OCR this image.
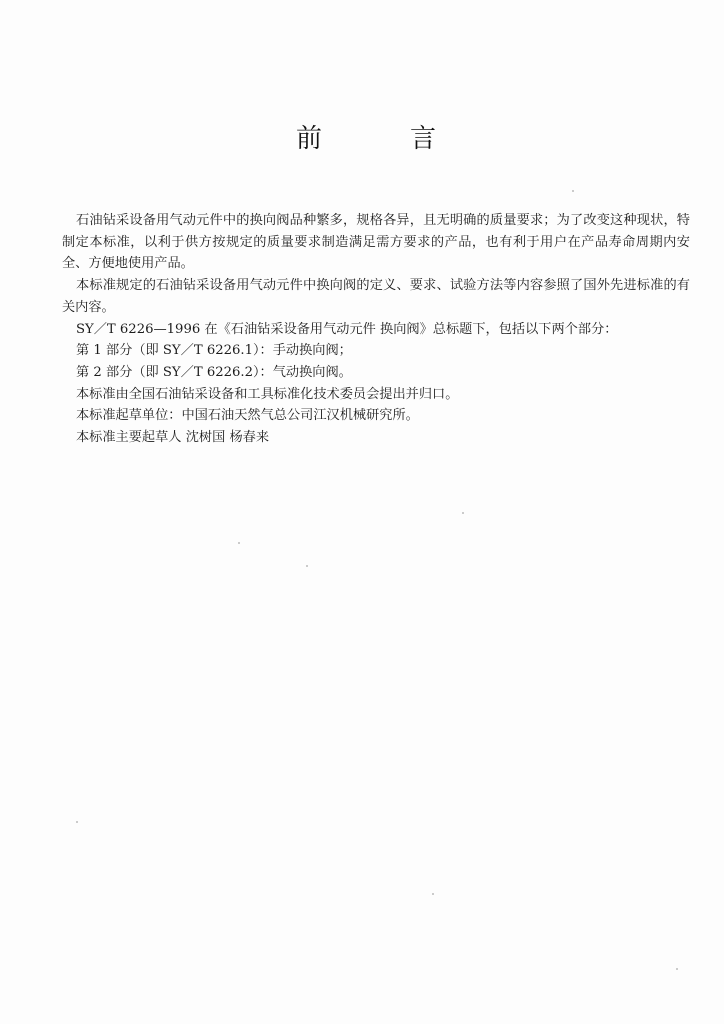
前	言

石油钻采设备用气动元件中的换向阀品种繁多，规格各异，且无明确的质量要求；为了改变这种现状，特制定本标准，以利于供方按规定的质量要求制造满足需方要求的产品，也有利于用户在产品寿命周期内安全、方便地使用产品。

本标准规定的石油钻采设备用气动元件中换向阀的定义、要求、试验方法等内容参照了国外先进标准的有关内容。

SY／T 6226—1996 在《石油钻采设备用气动元件 换向阀》总标题下，包括以下两个部分：

第 1 部分（即 SY／T 6226.1）：手动换向阀；

第 2 部分（即 SY／T 6226.2）：气动换向阀。

本标准由全国石油钻采设备和工具标准化技术委员会提出并归口。

本标准起草单位：中国石油天然气总公司江汉机械研究所。

本标准主要起草人 沈树国 杨春来
